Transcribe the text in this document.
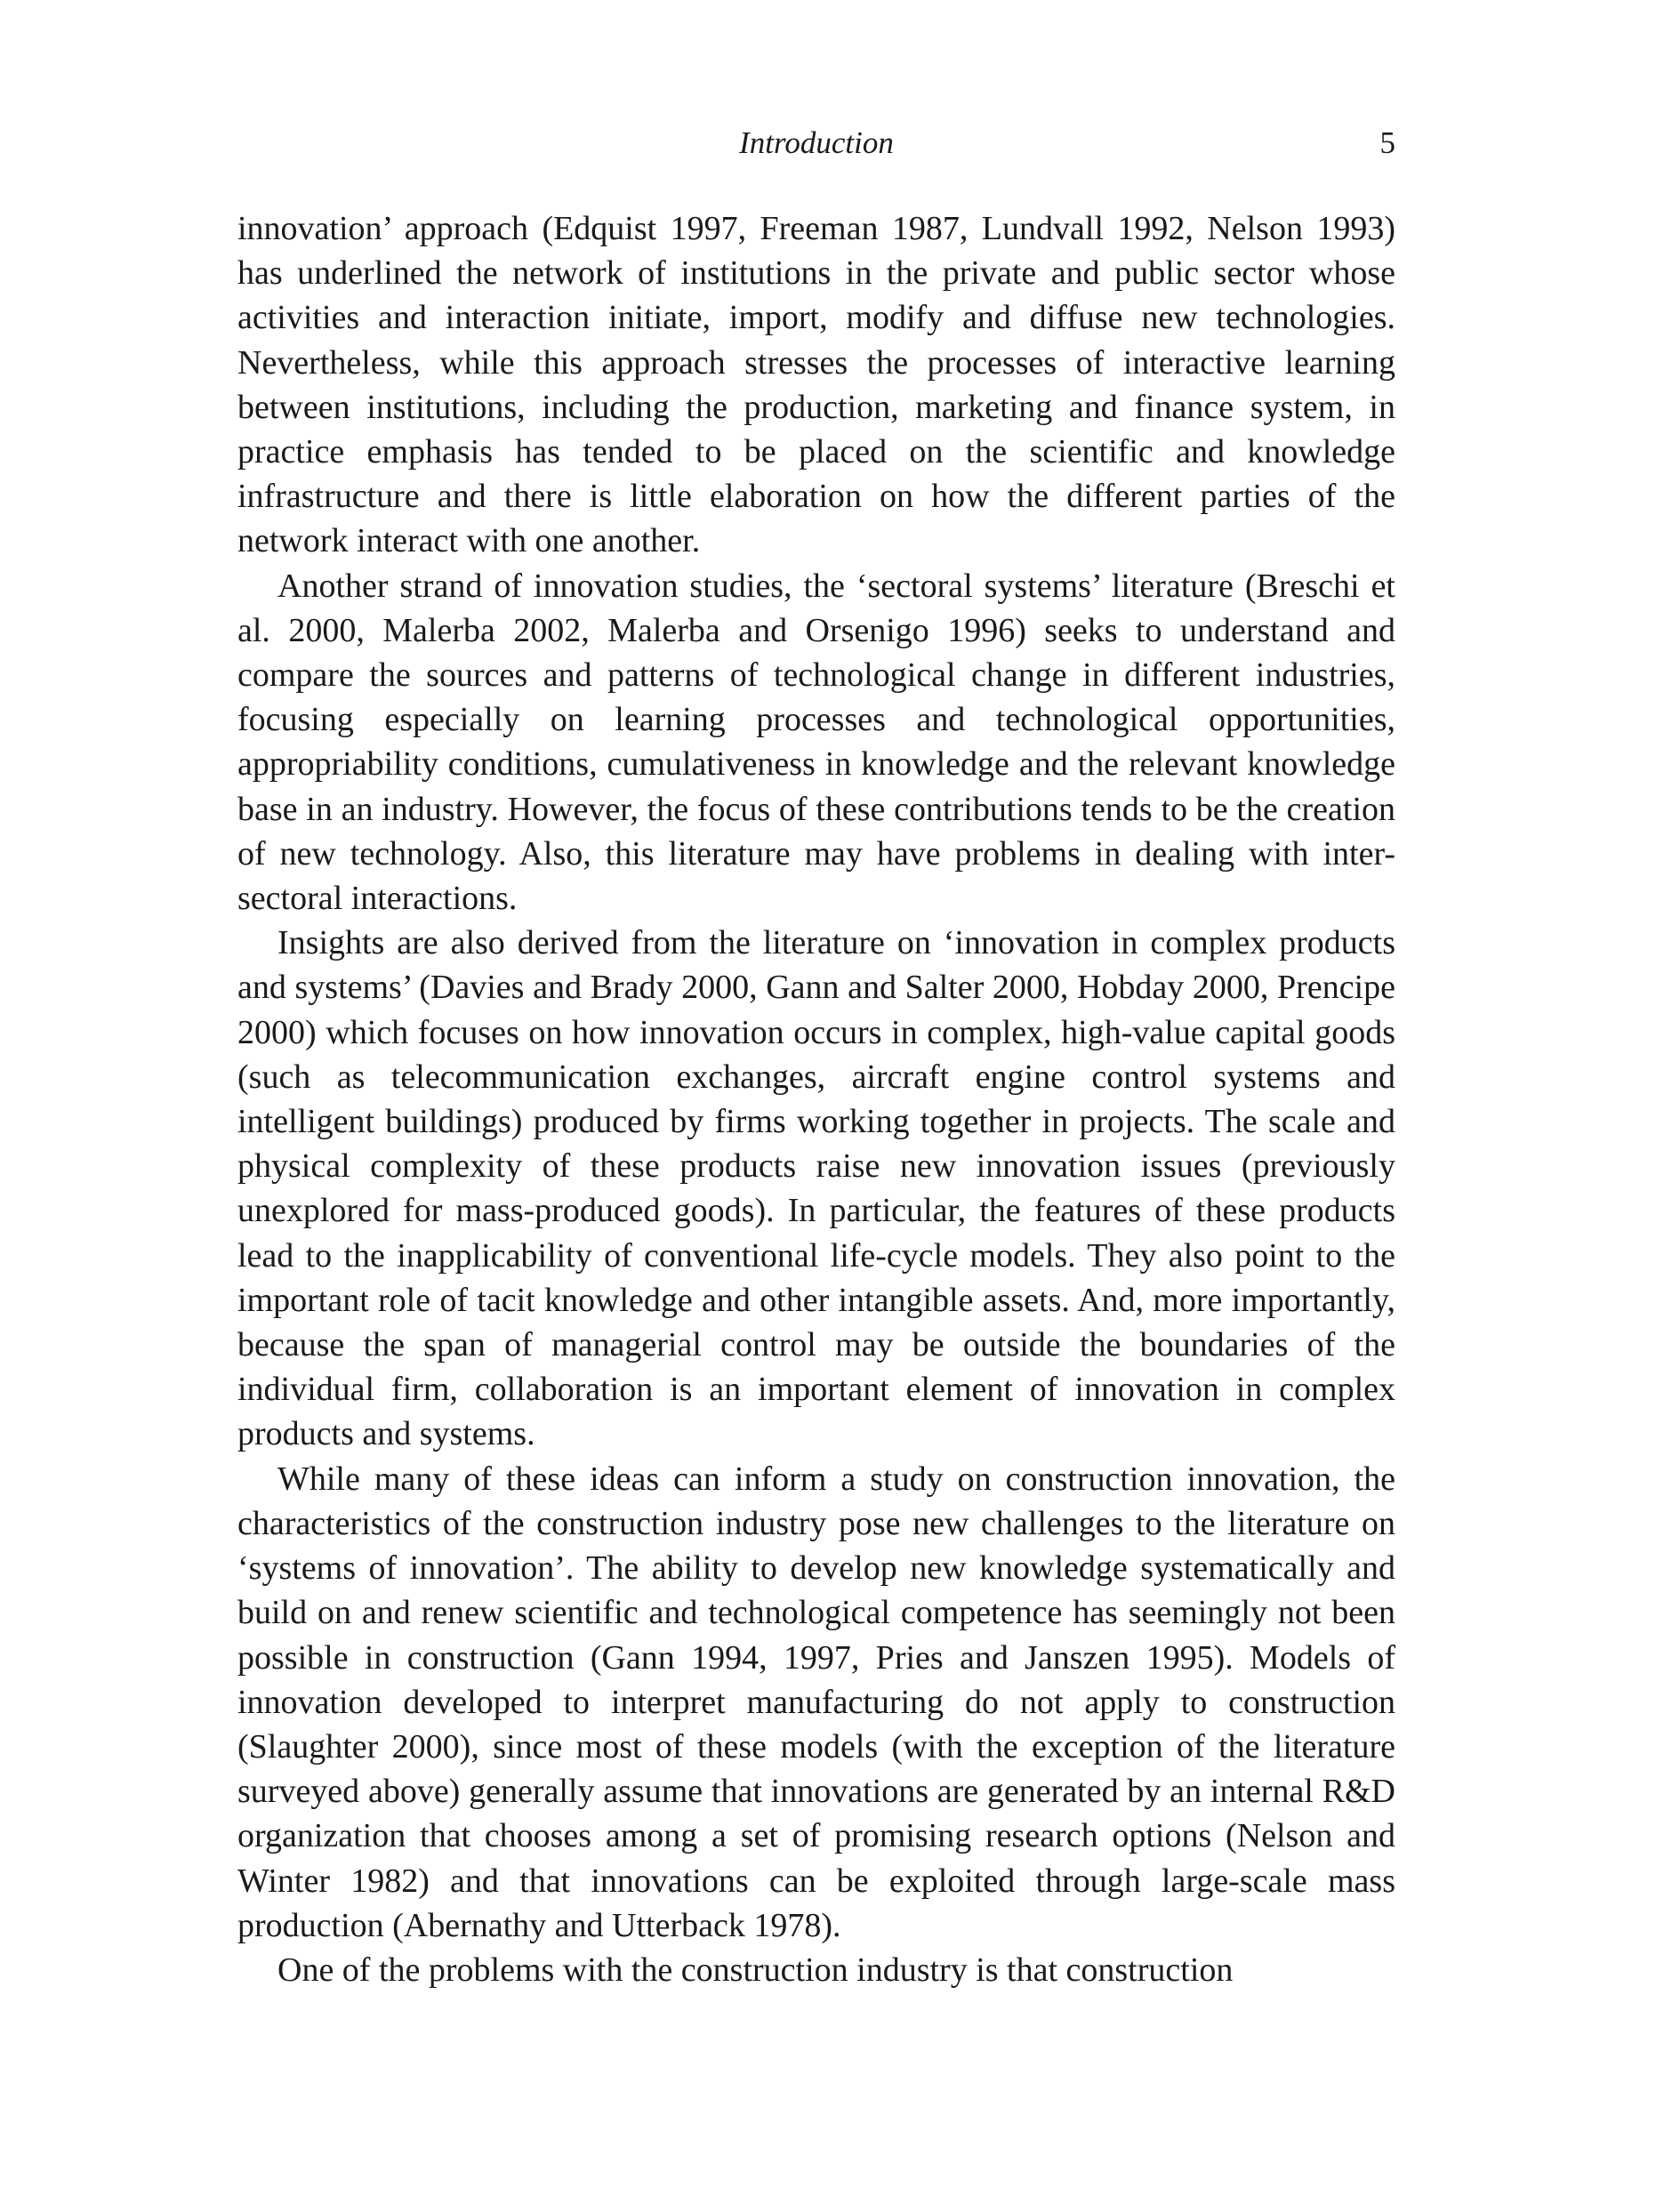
Introduction	5

innovation’ approach (Edquist 1997, Freeman 1987, Lundvall 1992, Nelson 1993) has underlined the network of institutions in the private and public sector whose activities and interaction initiate, import, modify and diffuse new technologies. Nevertheless, while this approach stresses the processes of interactive learning between institutions, including the production, marketing and finance system, in practice emphasis has tended to be placed on the scientific and knowledge infrastructure and there is little elaboration on how the different parties of the network interact with one another.

Another strand of innovation studies, the ‘sectoral systems’ literature (Breschi et al. 2000, Malerba 2002, Malerba and Orsenigo 1996) seeks to understand and compare the sources and patterns of technological change in different industries, focusing especially on learning processes and technological opportunities, appropriability conditions, cumulativeness in knowledge and the relevant knowledge base in an industry. However, the focus of these contributions tends to be the creation of new technology. Also, this literature may have problems in dealing with inter-sectoral interactions.

Insights are also derived from the literature on ‘innovation in complex products and systems’ (Davies and Brady 2000, Gann and Salter 2000, Hobday 2000, Prencipe 2000) which focuses on how innovation occurs in complex, high-value capital goods (such as telecommunication exchanges, aircraft engine control systems and intelligent buildings) produced by firms working together in projects. The scale and physical complexity of these products raise new innovation issues (previously unexplored for mass-produced goods). In particular, the features of these products lead to the inapplicability of conventional life-cycle models. They also point to the important role of tacit knowledge and other intangible assets. And, more importantly, because the span of managerial control may be outside the boundaries of the individual firm, collaboration is an important element of innovation in complex products and systems.

While many of these ideas can inform a study on construction innovation, the characteristics of the construction industry pose new challenges to the literature on ‘systems of innovation’. The ability to develop new knowledge systematically and build on and renew scientific and technological competence has seemingly not been possible in construction (Gann 1994, 1997, Pries and Janszen 1995). Models of innovation developed to interpret manufacturing do not apply to construction (Slaughter 2000), since most of these models (with the exception of the literature surveyed above) generally assume that innovations are generated by an internal R&D organization that chooses among a set of promising research options (Nelson and Winter 1982) and that innovations can be exploited through large-scale mass production (Abernathy and Utterback 1978).

One of the problems with the construction industry is that construction
